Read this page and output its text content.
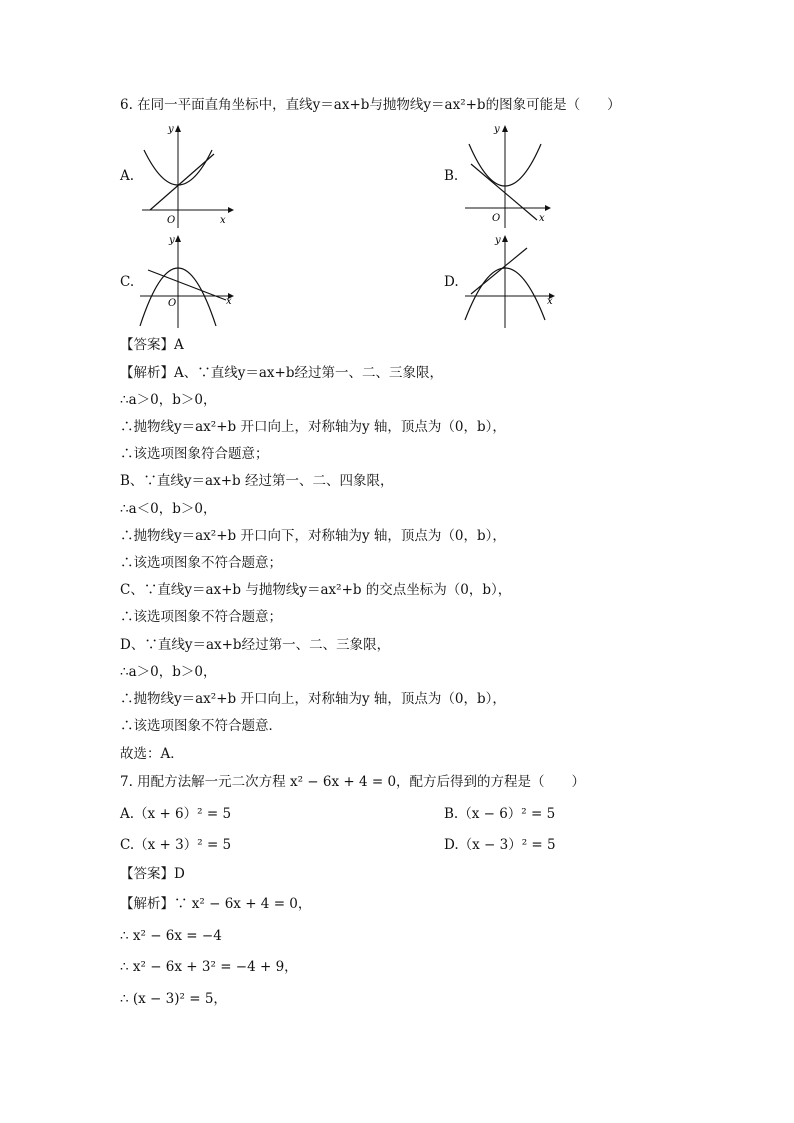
6. 在同一平面直角坐标中，直线y＝ax+b与抛物线y＝ax²+b的图象可能是（　　）
A.	B.
C.	D.
y
x
O
y
x
O
y
x
O
y
x
【答案】A
【解析】A、∵直线y＝ax+b经过第一、二、三象限，
∴a＞0，b＞0，
∴抛物线y＝ax²+b 开口向上，对称轴为y 轴，顶点为（0，b），
∴该选项图象符合题意；
B、∵直线y＝ax+b 经过第一、二、四象限，
∴a＜0，b＞0，
∴抛物线y＝ax²+b 开口向下，对称轴为y 轴，顶点为（0，b），
∴该选项图象不符合题意；
C、∵直线y＝ax+b 与抛物线y＝ax²+b 的交点坐标为（0，b），
∴该选项图象不符合题意；
D、∵直线y＝ax+b经过第一、二、三象限，
∴a＞0，b＞0，
∴抛物线y＝ax²+b 开口向上，对称轴为y 轴，顶点为（0，b），
∴该选项图象不符合题意．
故选：A．
7. 用配方法解一元二次方程 x² − 6x + 4 = 0，配方后得到的方程是（　　）
A.（x + 6）² = 5	B.（x − 6）² = 5
C.（x + 3）² = 5	D.（x − 3）² = 5
【答案】D
【解析】∵ x² − 6x + 4 = 0，
∴ x² − 6x = −4
∴ x² − 6x + 3² = −4 + 9，
∴ (x − 3)² = 5，
